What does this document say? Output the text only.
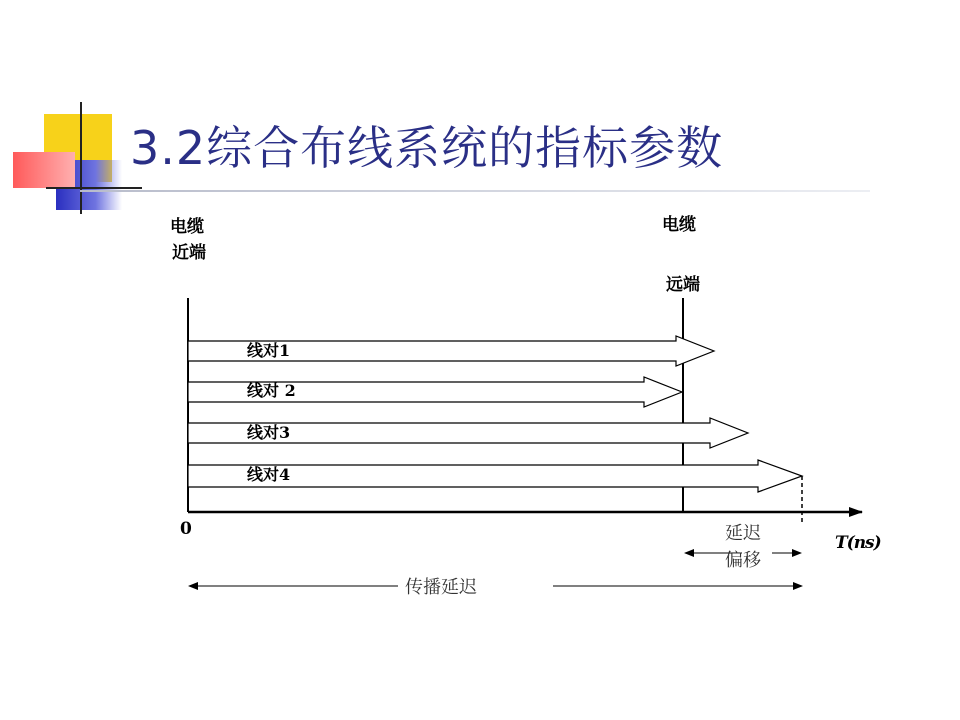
3.2综合布线系统的指标参数
电缆
近端
电缆
远端
线对1
线对 2
线对3
线对4
0
T(ns)
延迟
偏移
传播延迟
